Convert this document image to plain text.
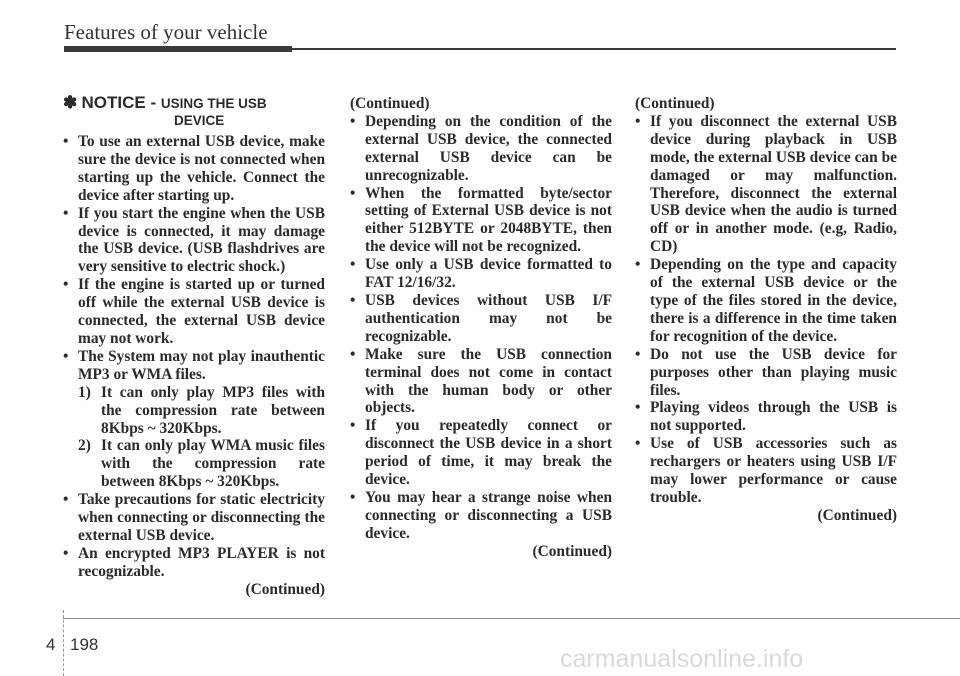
Features of your vehicle
✽ NOTICE - USING THE USB
DEVICE
• To use an external USB device, make sure the device is not connected when starting up the vehicle. Connect the device after starting up.
• If you start the engine when the USB device is connected, it may damage the USB device. (USB flashdrives are very sensitive to electric shock.)
• If the engine is started up or turned off while the external USB device is connected, the external USB device may not work.
• The System may not play inauthentic MP3 or WMA files.
1) It can only play MP3 files with the compression rate between 8Kbps ~ 320Kbps.
2) It can only play WMA music files with the compression rate between 8Kbps ~ 320Kbps.
• Take precautions for static electricity when connecting or disconnecting the external USB device.
• An encrypted MP3 PLAYER is not recognizable.
(Continued)
(Continued)
• Depending on the condition of the external USB device, the connected external USB device can be unrecognizable.
• When the formatted byte/sector setting of External USB device is not either 512BYTE or 2048BYTE, then the device will not be recognized.
• Use only a USB device formatted to FAT 12/16/32.
• USB devices without USB I/F authentication may not be recognizable.
• Make sure the USB connection terminal does not come in contact with the human body or other objects.
• If you repeatedly connect or disconnect the USB device in a short period of time, it may break the device.
• You may hear a strange noise when connecting or disconnecting a USB device.
(Continued)
(Continued)
• If you disconnect the external USB device during playback in USB mode, the external USB device can be damaged or may malfunction. Therefore, disconnect the external USB device when the audio is turned off or in another mode. (e.g, Radio, CD)
• Depending on the type and capacity of the external USB device or the type of the files stored in the device, there is a difference in the time taken for recognition of the device.
• Do not use the USB device for purposes other than playing music files.
• Playing videos through the USB is not supported.
• Use of USB accessories such as rechargers or heaters using USB I/F may lower performance or cause trouble.
(Continued)
4 198
carmanualsonline.info
